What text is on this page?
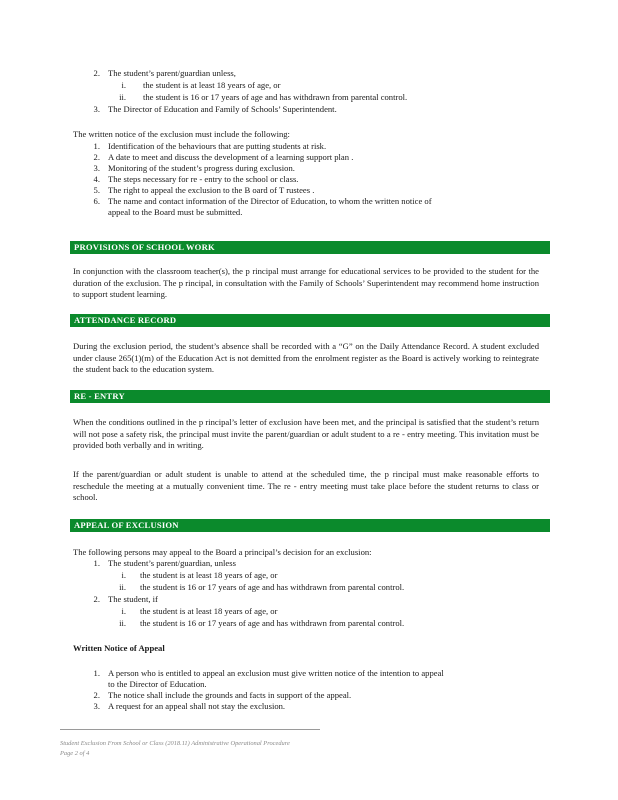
2. The student’s parent/guardian unless,
i. the student is at least 18 years of age, or
ii. the student is 16 or 17 years of age and has withdrawn from parental control.
3. The Director of Education and Family of Schools’ Superintendent.
The written notice of the exclusion must include the following:
1. Identification of the behaviours that are putting students at risk.
2. A date to meet and discuss the development of a learning support plan .
3. Monitoring of the student’s progress during exclusion.
4. The steps necessary for re - entry to the school or class.
5. The right to appeal the exclusion to the B oard of T rustees .
6. The name and contact information of the Director of Education, to whom the written notice of
appeal to the Board must be submitted.
PROVISIONS OF SCHOOL WORK
In conjunction with the classroom teacher(s), the p rincipal must arrange for educational services to be provided to the student for the duration of the exclusion. The p rincipal, in consultation with the Family of Schools’ Superintendent may recommend home instruction to support student learning.
ATTENDANCE RECORD
During the exclusion period, the student’s absence shall be recorded with a “G” on the Daily Attendance Record. A student excluded under clause 265(1)(m) of the Education Act is not demitted from the enrolment register as the Board is actively working to reintegrate the student back to the education system.
RE - ENTRY
When the conditions outlined in the p rincipal’s letter of exclusion have been met, and the principal is satisfied that the student’s return will not pose a safety risk, the principal must invite the parent/guardian or adult student to a re - entry meeting. This invitation must be provided both verbally and in writing.
If the parent/guardian or adult student is unable to attend at the scheduled time, the p rincipal must make reasonable efforts to reschedule the meeting at a mutually convenient time. The re - entry meeting must take place before the student returns to class or school.
APPEAL OF EXCLUSION
The following persons may appeal to the Board a principal’s decision for an exclusion:
1. The student’s parent/guardian, unless
i. the student is at least 18 years of age, or
ii. the student is 16 or 17 years of age and has withdrawn from parental control.
2. The student, if
i. the student is at least 18 years of age, or
ii. the student is 16 or 17 years of age and has withdrawn from parental control.
Written Notice of Appeal
1. A person who is entitled to appeal an exclusion must give written notice of the intention to appeal
to the Director of Education.
2. The notice shall include the grounds and facts in support of the appeal.
3. A request for an appeal shall not stay the exclusion.
Student Exclusion From School or Class (2018.11) Administrative Operational Procedure
Page 2 of 4
